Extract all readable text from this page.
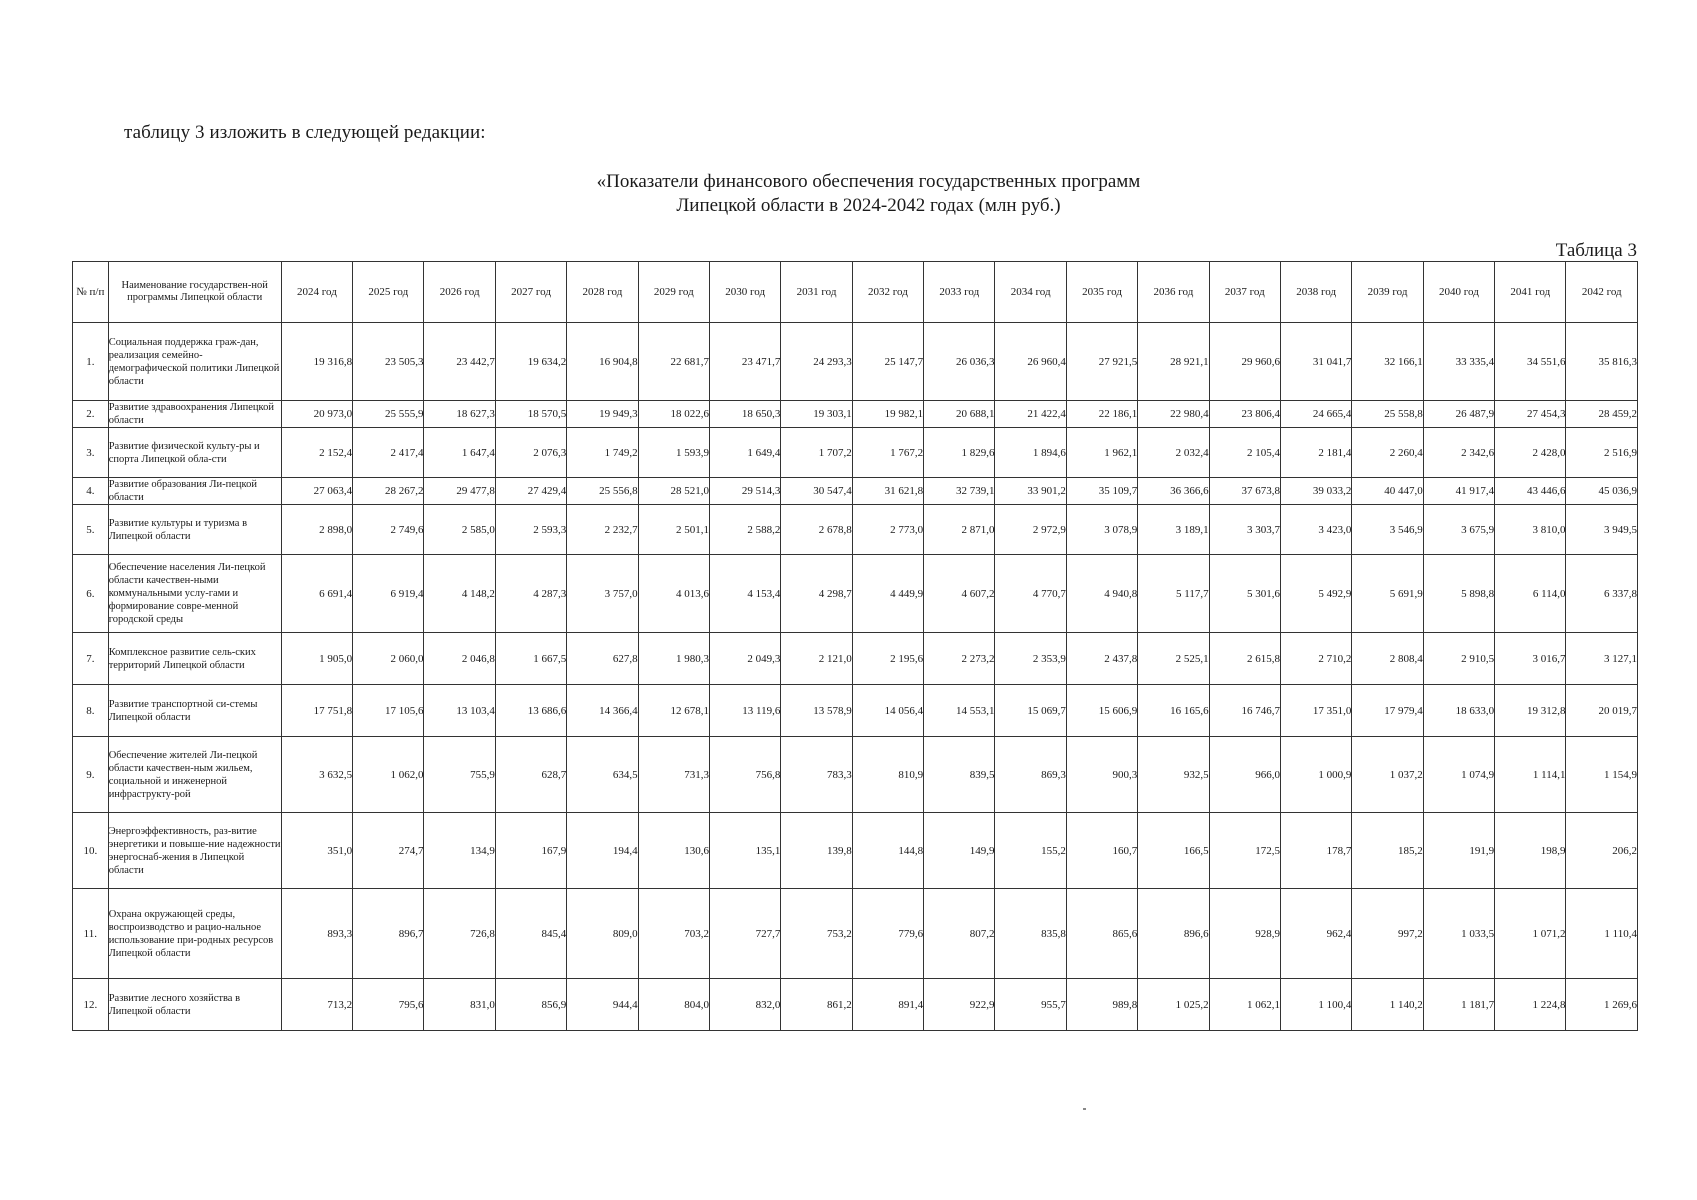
таблицу 3 изложить в следующей редакции:
«Показатели финансового обеспечения государственных программ
Липецкой области в 2024-2042 годах (млн руб.)
Таблица 3
№ п/п	Наименование государствен-ной программы Липецкой области	2024 год	2025 год	2026 год	2027 год	2028 год	2029 год	2030 год	2031 год	2032 год	2033 год	2034 год	2035 год	2036 год	2037 год	2038 год	2039 год	2040 год	2041 год	2042 год
1.	Социальная поддержка граж-дан, реализация семейно-демографической политики Липецкой области	19 316,8	23 505,3	23 442,7	19 634,2	16 904,8	22 681,7	23 471,7	24 293,3	25 147,7	26 036,3	26 960,4	27 921,5	28 921,1	29 960,6	31 041,7	32 166,1	33 335,4	34 551,6	35 816,3
2.	Развитие здравоохранения Липецкой области	20 973,0	25 555,9	18 627,3	18 570,5	19 949,3	18 022,6	18 650,3	19 303,1	19 982,1	20 688,1	21 422,4	22 186,1	22 980,4	23 806,4	24 665,4	25 558,8	26 487,9	27 454,3	28 459,2
3.	Развитие физической культу-ры и спорта Липецкой обла-сти	2 152,4	2 417,4	1 647,4	2 076,3	1 749,2	1 593,9	1 649,4	1 707,2	1 767,2	1 829,6	1 894,6	1 962,1	2 032,4	2 105,4	2 181,4	2 260,4	2 342,6	2 428,0	2 516,9
4.	Развитие образования Ли-пецкой области	27 063,4	28 267,2	29 477,8	27 429,4	25 556,8	28 521,0	29 514,3	30 547,4	31 621,8	32 739,1	33 901,2	35 109,7	36 366,6	37 673,8	39 033,2	40 447,0	41 917,4	43 446,6	45 036,9
5.	Развитие культуры и туризма в Липецкой области	2 898,0	2 749,6	2 585,0	2 593,3	2 232,7	2 501,1	2 588,2	2 678,8	2 773,0	2 871,0	2 972,9	3 078,9	3 189,1	3 303,7	3 423,0	3 546,9	3 675,9	3 810,0	3 949,5
6.	Обеспечение населения Ли-пецкой области качествен-ными коммунальными услу-гами и формирование совре-менной городской среды	6 691,4	6 919,4	4 148,2	4 287,3	3 757,0	4 013,6	4 153,4	4 298,7	4 449,9	4 607,2	4 770,7	4 940,8	5 117,7	5 301,6	5 492,9	5 691,9	5 898,8	6 114,0	6 337,8
7.	Комплексное развитие сель-ских территорий Липецкой области	1 905,0	2 060,0	2 046,8	1 667,5	627,8	1 980,3	2 049,3	2 121,0	2 195,6	2 273,2	2 353,9	2 437,8	2 525,1	2 615,8	2 710,2	2 808,4	2 910,5	3 016,7	3 127,1
8.	Развитие транспортной си-стемы Липецкой области	17 751,8	17 105,6	13 103,4	13 686,6	14 366,4	12 678,1	13 119,6	13 578,9	14 056,4	14 553,1	15 069,7	15 606,9	16 165,6	16 746,7	17 351,0	17 979,4	18 633,0	19 312,8	20 019,7
9.	Обеспечение жителей Ли-пецкой области качествен-ным жильем, социальной и инженерной инфраструкту-рой	3 632,5	1 062,0	755,9	628,7	634,5	731,3	756,8	783,3	810,9	839,5	869,3	900,3	932,5	966,0	1 000,9	1 037,2	1 074,9	1 114,1	1 154,9
10.	Энергоэффективность, раз-витие энергетики и повыше-ние надежности энергоснаб-жения в Липецкой области	351,0	274,7	134,9	167,9	194,4	130,6	135,1	139,8	144,8	149,9	155,2	160,7	166,5	172,5	178,7	185,2	191,9	198,9	206,2
11.	Охрана окружающей среды, воспроизводство и рацио-нальное использование при-родных ресурсов Липецкой области	893,3	896,7	726,8	845,4	809,0	703,2	727,7	753,2	779,6	807,2	835,8	865,6	896,6	928,9	962,4	997,2	1 033,5	1 071,2	1 110,4
12.	Развитие лесного хозяйства в Липецкой области	713,2	795,6	831,0	856,9	944,4	804,0	832,0	861,2	891,4	922,9	955,7	989,8	1 025,2	1 062,1	1 100,4	1 140,2	1 181,7	1 224,8	1 269,6
